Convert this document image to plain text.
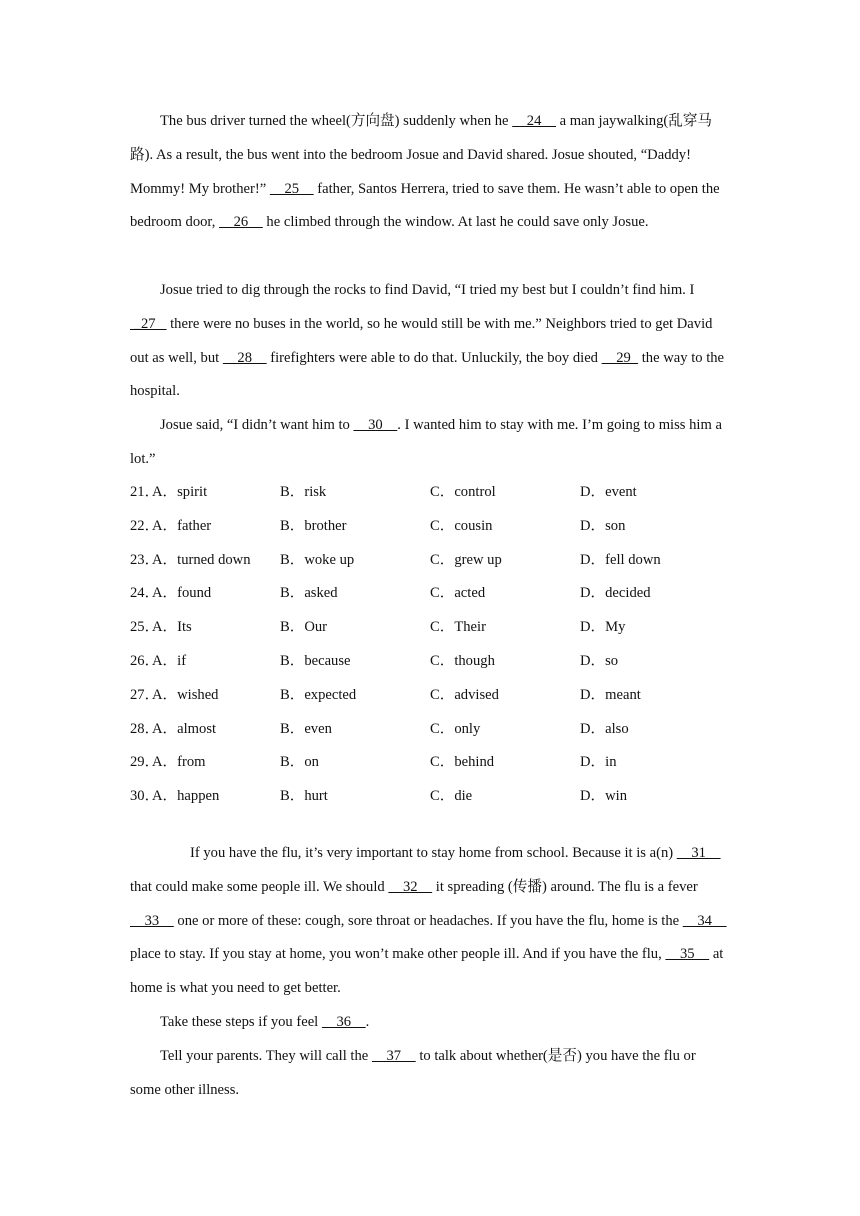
The bus driver turned the wheel(方向盘) suddenly when he     24     a man jaywalking(乱穿马路). As a result, the bus went into the bedroom Josue and David shared. Josue shouted, “Daddy! Mommy! My brother!”     25     father, Santos Herrera, tried to save them. He wasn’t able to open the bedroom door,     26     he climbed through the window. At last he could save only Josue.

Josue tried to dig through the rocks to find David, “I tried my best but I couldn’t find him. I  _27    there were no buses in the world, so he would still be with me.” Neighbors tried to get David out as well, but     28     firefighters were able to do that. Unluckily, the boy died     29   the way to the hospital.

Josue said, “I didn’t want him to     30    . I wanted him to stay with me. I’m going to miss him a lot.”

21．
A．spirit	B．risk	C．control	D．event
22．
A．father	B．brother	C．cousin	D．son
23．
A．turned down B．woke up	C．grew up	D．fell down
24．
A．found	B．asked	C．acted	D．decided
25．
A．Its	B．Our	C．Their	D．My
26．
A．if	B．because	C．though	D．so
27．
A．wished	B．expected	C．advised	D．meant
28．
A．almost	B．even	C．only	D．also
29．
A．from	B．on	C．behind	D．in
30．
A．happen	B．hurt	C．die	D．win

If you have the flu, it’s very important to stay home from school. Because it is a(n)     31     that could make some people ill. We should     32     it spreading (传播) around. The flu is a fever     33     one or more of these: cough, sore throat or headaches. If you have the flu, home is the     34     place to stay. If you stay at home, you won’t make other people ill. And if you have the flu,     35     at home is what you need to get better.

Take these steps if you feel     36    .

Tell your parents. They will call the     37     to talk about whether(是否) you have the flu or some other illness.
